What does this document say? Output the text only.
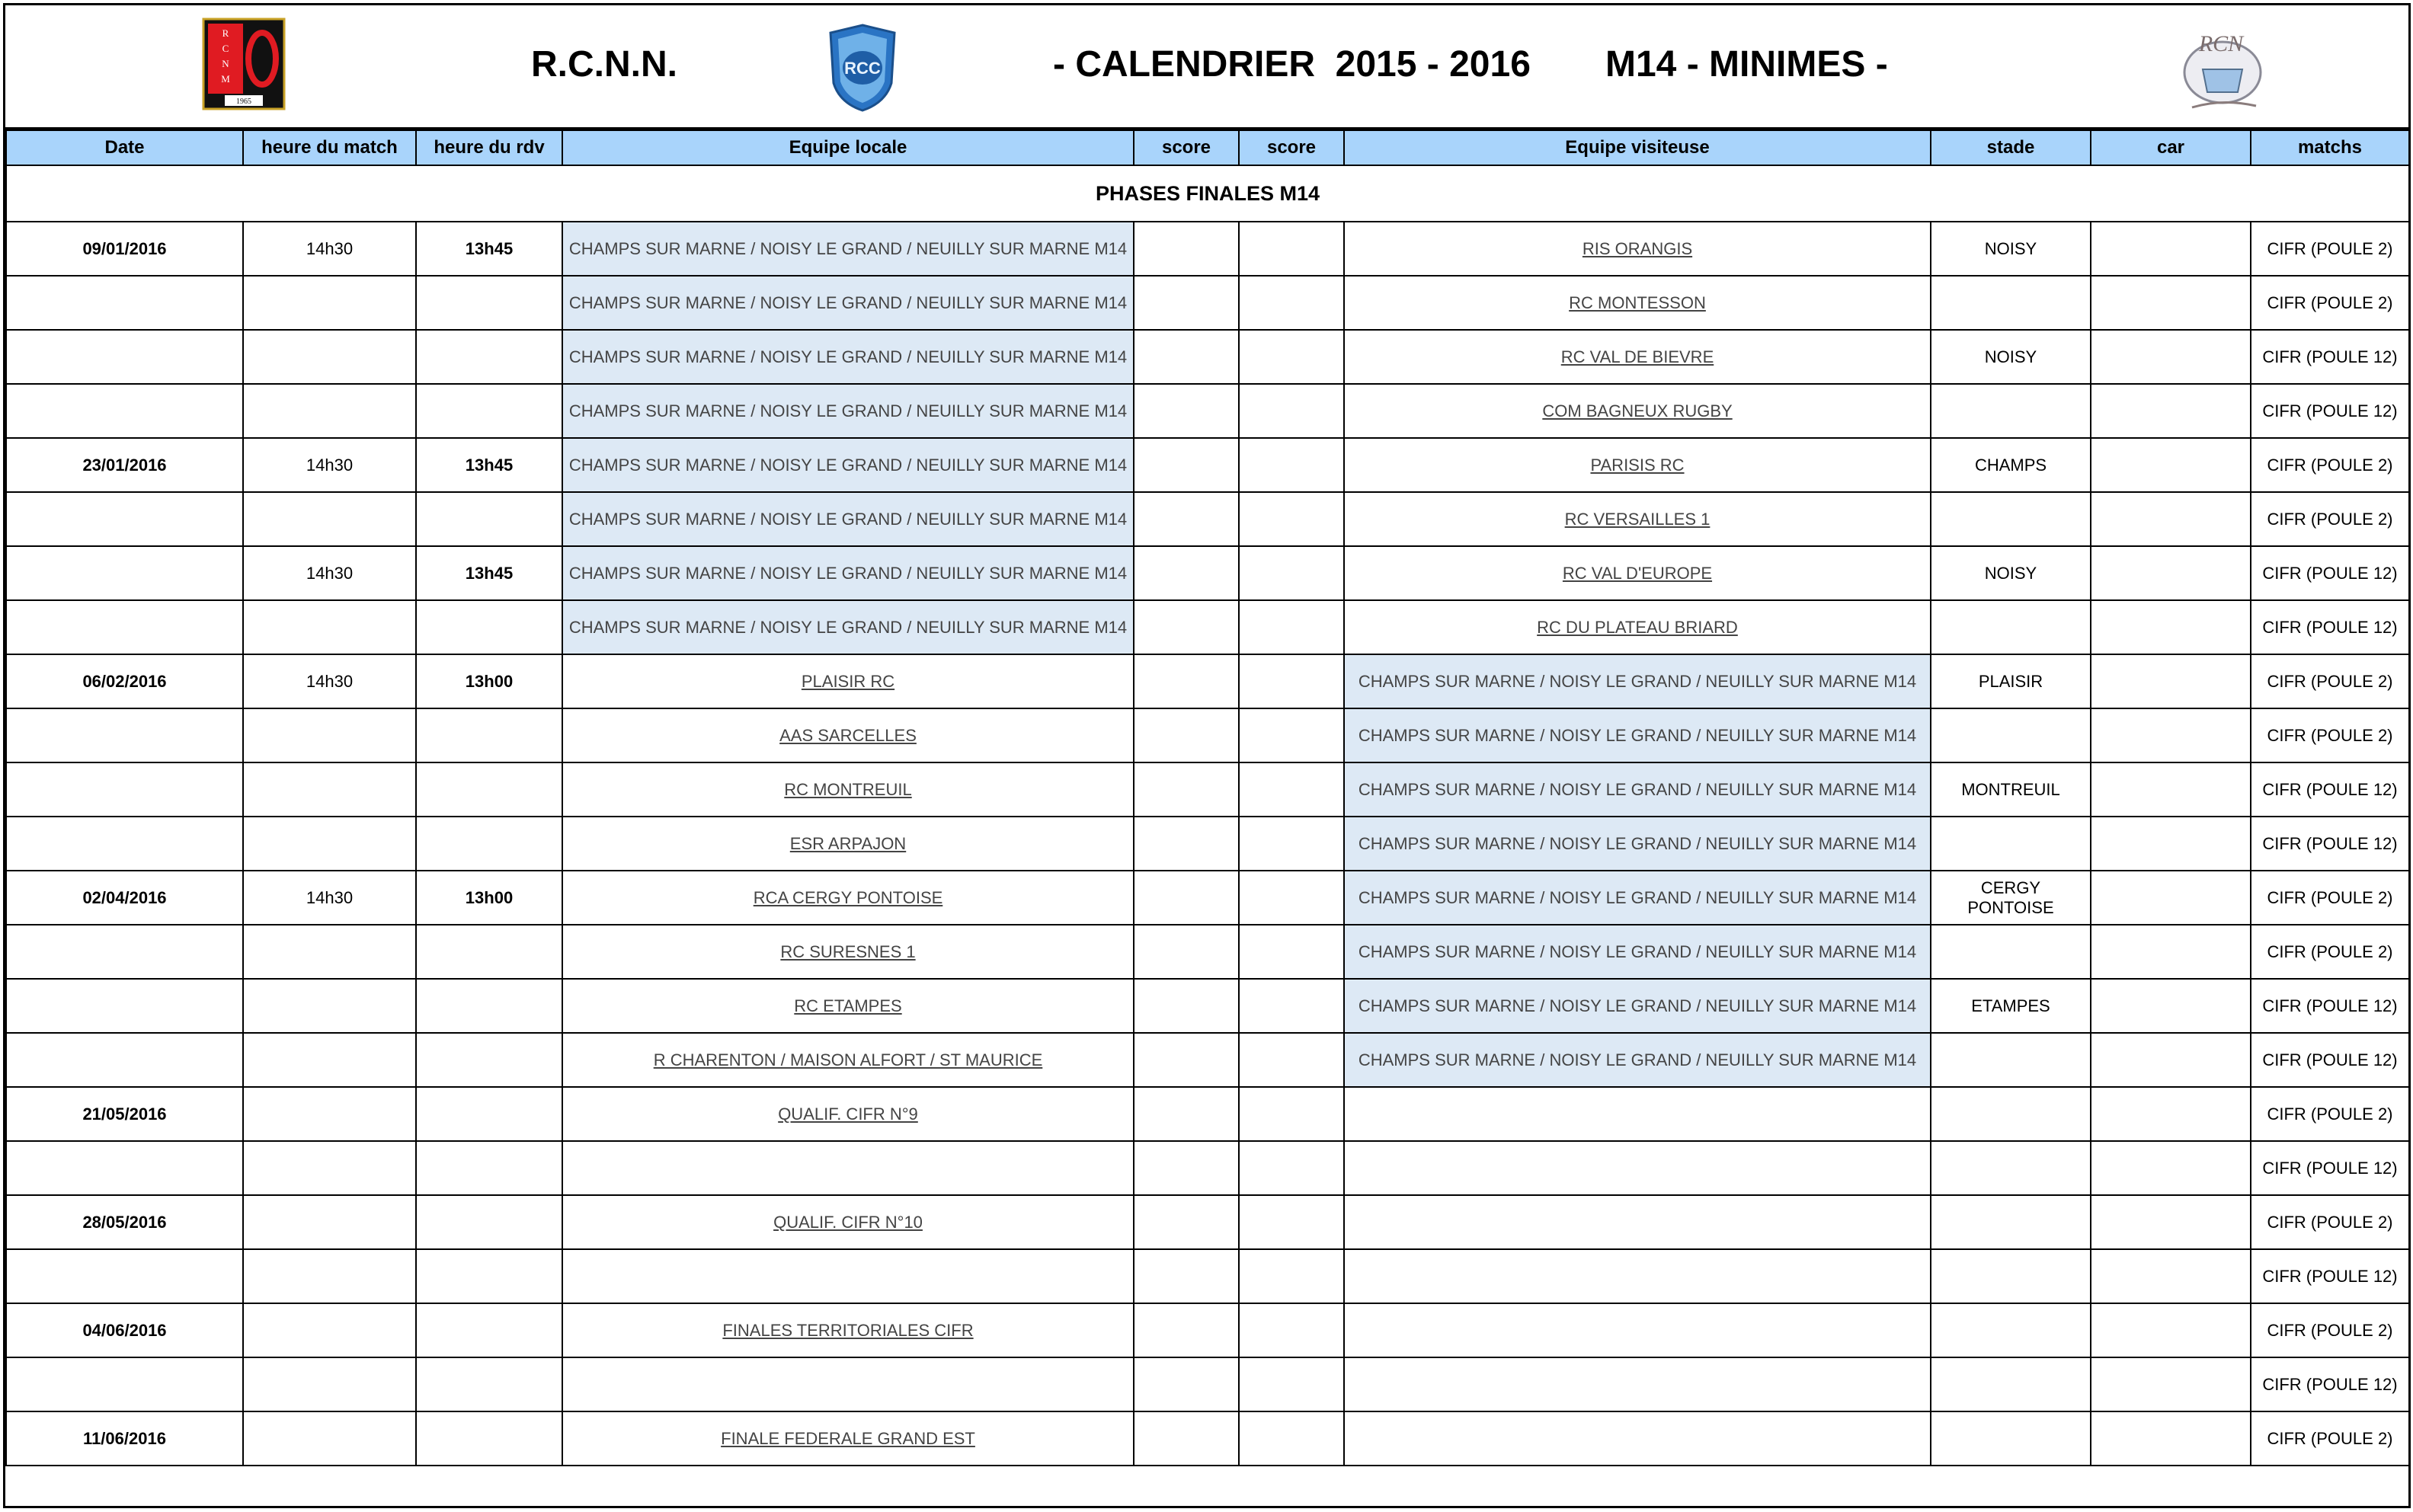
R
C
N
M
1965
R.C.N.N.	RCC	- CALENDRIER  2015 - 2016 M14 - MINIMES -
RCN
Date	heure du match	heure du rdv	Equipe locale	score	score	Equipe visiteuse	stade	car	matchs
PHASES FINALES M14									
09/01/2016	14h30	13h45	CHAMPS SUR MARNE / NOISY LE GRAND / NEUILLY SUR MARNE M14			RIS ORANGIS	NOISY		CIFR (POULE 2)
			CHAMPS SUR MARNE / NOISY LE GRAND / NEUILLY SUR MARNE M14			RC MONTESSON			CIFR (POULE 2)
			CHAMPS SUR MARNE / NOISY LE GRAND / NEUILLY SUR MARNE M14			RC VAL DE BIEVRE	NOISY		CIFR (POULE 12)
			CHAMPS SUR MARNE / NOISY LE GRAND / NEUILLY SUR MARNE M14			COM BAGNEUX RUGBY			CIFR (POULE 12)
23/01/2016	14h30	13h45	CHAMPS SUR MARNE / NOISY LE GRAND / NEUILLY SUR MARNE M14			PARISIS RC	CHAMPS		CIFR (POULE 2)
			CHAMPS SUR MARNE / NOISY LE GRAND / NEUILLY SUR MARNE M14			RC VERSAILLES 1			CIFR (POULE 2)
	14h30	13h45	CHAMPS SUR MARNE / NOISY LE GRAND / NEUILLY SUR MARNE M14			RC VAL D'EUROPE	NOISY		CIFR (POULE 12)
			CHAMPS SUR MARNE / NOISY LE GRAND / NEUILLY SUR MARNE M14			RC DU PLATEAU BRIARD			CIFR (POULE 12)
06/02/2016	14h30	13h00	PLAISIR RC			CHAMPS SUR MARNE / NOISY LE GRAND / NEUILLY SUR MARNE M14	PLAISIR		CIFR (POULE 2)
			AAS SARCELLES			CHAMPS SUR MARNE / NOISY LE GRAND / NEUILLY SUR MARNE M14			CIFR (POULE 2)
			RC MONTREUIL			CHAMPS SUR MARNE / NOISY LE GRAND / NEUILLY SUR MARNE M14	MONTREUIL		CIFR (POULE 12)
			ESR ARPAJON			CHAMPS SUR MARNE / NOISY LE GRAND / NEUILLY SUR MARNE M14			CIFR (POULE 12)
02/04/2016	14h30	13h00	RCA CERGY PONTOISE			CHAMPS SUR MARNE / NOISY LE GRAND / NEUILLY SUR MARNE M14	CERGY PONTOISE		CIFR (POULE 2)
			RC SURESNES 1			CHAMPS SUR MARNE / NOISY LE GRAND / NEUILLY SUR MARNE M14			CIFR (POULE 2)
			RC ETAMPES			CHAMPS SUR MARNE / NOISY LE GRAND / NEUILLY SUR MARNE M14	ETAMPES		CIFR (POULE 12)
			R CHARENTON / MAISON ALFORT / ST MAURICE			CHAMPS SUR MARNE / NOISY LE GRAND / NEUILLY SUR MARNE M14			CIFR (POULE 12)
21/05/2016			QUALIF. CIFR N°9						CIFR (POULE 2)
									CIFR (POULE 12)
28/05/2016			QUALIF. CIFR N°10						CIFR (POULE 2)
									CIFR (POULE 12)
04/06/2016			FINALES TERRITORIALES CIFR						CIFR (POULE 2)
									CIFR (POULE 12)
11/06/2016			FINALE FEDERALE GRAND EST						CIFR (POULE 2)
